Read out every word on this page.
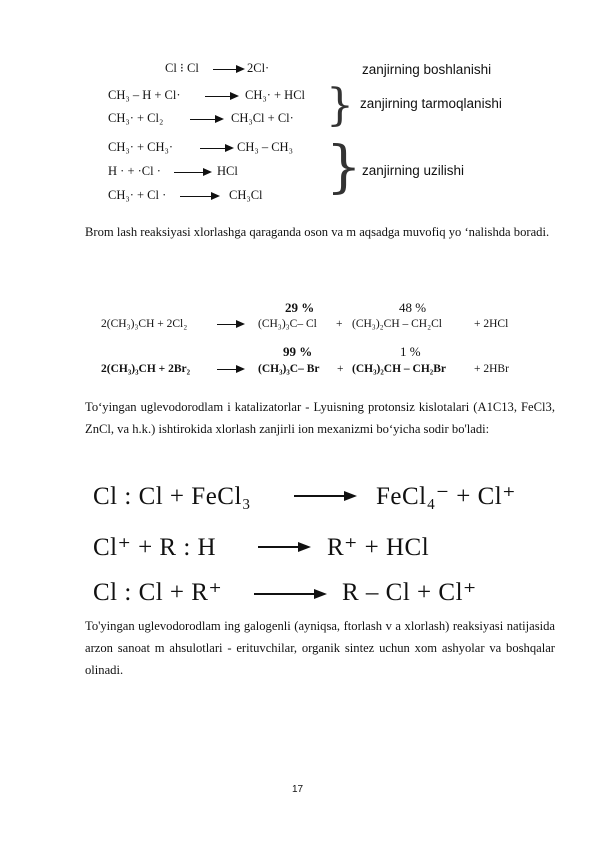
Cl ⁝ Cl	2Cl·	zanjirning boshlanishi
CH₃ – H + Cl·	CH₃· + HCl
CH₃· + Cl₂	CH₃Cl + Cl· } zanjirning tarmoqlanishi
CH₃· + CH₃·	CH₃ – CH₃
H · + ·Cl ·	HCl
CH₃· + Cl ·	CH₃Cl } zanjirning uzilishi

Brom lash reaksiyasi xlorlashga qaraganda oson va m aqsadga muvofiq yo ‘nalishda boradi.

29 %	48 %
2(CH₃)₃CH + 2Cl₂	(CH₃)₃C– Cl + (CH₃)₂CH – CH₂Cl	+ 2HCl
99 %	1 %
2(CH₃)₃CH + 2Br₂	(CH₃)₃C– Br + (CH₃)₂CH – CH₂Br + 2HBr

To‘yingan uglevodorodlam i katalizatorlar - Lyuisning protonsiz kislotalari (A1C13, FeCl3, ZnCl, va h.k.) ishtirokida xlorlash zanjirli ion mexanizmi bo‘yicha sodir bo'ladi:

Cl : Cl + FeCl₃	FeCl₄⁻ + Cl⁺
Cl⁺ + R : H	R⁺ + HCl
Cl : Cl + R⁺	R – Cl + Cl⁺

To'yingan uglevodorodlam ing galogenli (ayniqsa, ftorlash v a xlorlash) reaksiyasi natijasida arzon sanoat m ahsulotlari - erituvchilar, organik sintez uchun xom ashyolar va boshqalar olinadi.

17
